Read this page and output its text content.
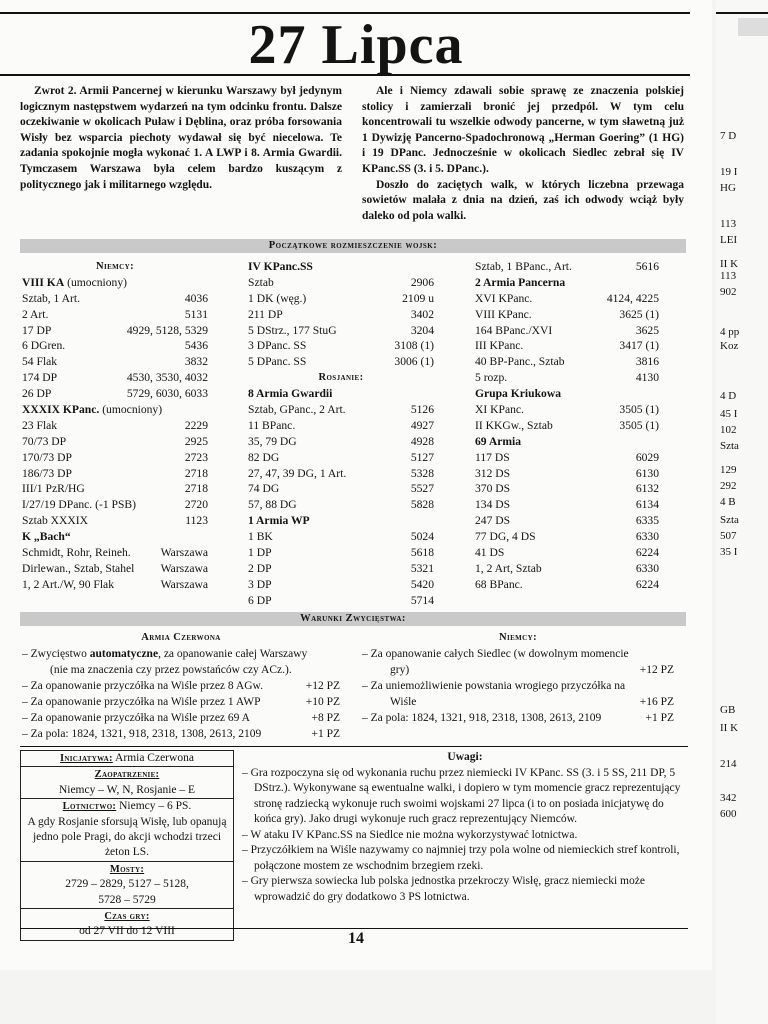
27 Lipca

Zwrot 2. Armii Pancernej w kierunku Warszawy był jedynym logicznym następstwem wydarzeń na tym odcinku frontu. Dalsze oczekiwanie w okolicach Puław i Dęblina, oraz próba forsowania Wisły bez wsparcia piechoty wydawał się być niecelowa. Te zadania spokojnie mogła wykonać 1. A LWP i 8. Armia Gwardii. Tymczasem Warszawa była celem bardzo kuszącym z politycznego jak i militarnego względu.

Ale i Niemcy zdawali sobie sprawę ze znaczenia polskiej stolicy i zamierzali bronić jej przedpól. W tym celu koncentrowali tu wszelkie odwody pancerne, w tym sławetną już 1 Dywizję Pancerno-Spadochronową „Herman Goering” (1 HG) i 19 DPanc. Jednocześnie w okolicach Siedlec zebrał się IV KPanc.SS (3. i 5. DPanc.).

Doszło do zaciętych walk, w których liczebna przewaga sowietów malała z dnia na dzień, zaś ich odwody wciąż były daleko od pola walki.

Początkowe rozmieszczenie wojsk:
Niemcy:
VIII KA (umocniony)
Sztab, 1 Art.	4036
2 Art.	5131
17 DP	4929, 5128, 5329
6 DGren.	5436
54 Flak	3832
174 DP	4530, 3530, 4032
26 DP	5729, 6030, 6033
XXXIX KPanc. (umocniony)
23 Flak	2229
70/73 DP	2925
170/73 DP	2723
186/73 DP	2718
III/1 PzR/HG	2718
I/27/19 DPanc. (-1 PSB)	2720
Sztab XXXIX	1123
K „Bach“
Schmidt, Rohr, Reineh.	Warszawa
Dirlewan., Sztab, Stahel Warszawa
1, 2 Art./W, 90 Flak	Warszawa
IV KPanc.SS
Sztab	2906
1 DK (węg.)	2109 u
211 DP	3402
5 DStrz., 177 StuG	3204
3 DPanc. SS	3108 (1)
5 DPanc. SS	3006 (1)
Rosjanie:
8 Armia Gwardii
Sztab, GPanc., 2 Art.	5126
11 BPanc.	4927
35, 79 DG	4928
82 DG	5127
27, 47, 39 DG, 1 Art.	5328
74 DG	5527
57, 88 DG	5828
1 Armia WP
1 BK	5024
1 DP	5618
2 DP	5321
3 DP	5420
6 DP	5714
Sztab, 1 BPanc., Art.	5616
2 Armia Pancerna
XVI KPanc.	4124, 4225
VIII KPanc.	3625 (1)
164 BPanc./XVI	3625
III KPanc.	3417 (1)
40 BP-Panc., Sztab	3816
5 rozp.	4130
Grupa Kriukowa
XI KPanc.	3505 (1)
II KKGw., Sztab	3505 (1)
69 Armia
117 DS	6029
312 DS	6130
370 DS	6132
134 DS	6134
247 DS	6335
77 DG, 4 DS	6330
41 DS	6224
1, 2 Art, Sztab	6330
68 BPanc.	6224
Warunki Zwycięstwa:
Armia Czerwona
– Zwycięstwo automatyczne, za opanowanie całej Warszawy
(nie ma znaczenia czy przez powstańców czy ACz.).
– Za opanowanie przyczółka na Wiśle przez 8 AGw.	+12 PZ
– Za opanowanie przyczółka na Wiśle przez 1 AWP	+10 PZ
– Za opanowanie przyczółka na Wiśle przez 69 A	+8 PZ
– Za pola: 1824, 1321, 918, 2318, 1308, 2613, 2109	+1 PZ
Niemcy:
– Za opanowanie całych Siedlec (w dowolnym momencie
gry)	+12 PZ
– Za uniemożliwienie powstania wrogiego przyczółka na
Wiśle	+16 PZ
– Za pola: 1824, 1321, 918, 2318, 1308, 2613, 2109	+1 PZ
Inicjatywa: Armia Czerwona
Zaopatrzenie:
Niemcy – W, N, Rosjanie – E
Lotnictwo: Niemcy – 6 PS.
A gdy Rosjanie sforsują Wisłę, lub opanują jedno pole Pragi, do akcji wchodzi trzeci żeton LS.
Mosty:
2729 – 2829, 5127 – 5128,
5728 – 5729
Czas gry:
od 27 VII do 12 VIII
Uwagi:

– Gra rozpoczyna się od wykonania ruchu przez niemiecki IV KPanc. SS (3. i 5 SS, 211 DP, 5 DStrz.). Wykonywane są ewentualne walki, i dopiero w tym momencie gracz reprezentujący stronę radziecką wykonuje ruch swoimi wojskami 27 lipca (i to on posiada inicjatywę do końca gry). Jako drugi wykonuje ruch gracz reprezentujący Niemców.

– W ataku IV KPanc.SS na Siedlce nie można wykorzystywać lotnictwa.

– Przyczółkiem na Wiśle nazywamy co najmniej trzy pola wolne od niemieckich stref kontroli, połączone mostem ze wschodnim brzegiem rzeki.

– Gry pierwsza sowiecka lub polska jednostka przekroczy Wisłę, gracz niemiecki może wprowadzić do gry dodatkowo 3 PS lotnictwa.

14
7 D
19 I
HG
113
LEI
II K
113
902
4 pp
Koz
4 D
45 I
102
Szta
129
292
4 B
Szta
507
35 I
GB
II K
214
342
600
